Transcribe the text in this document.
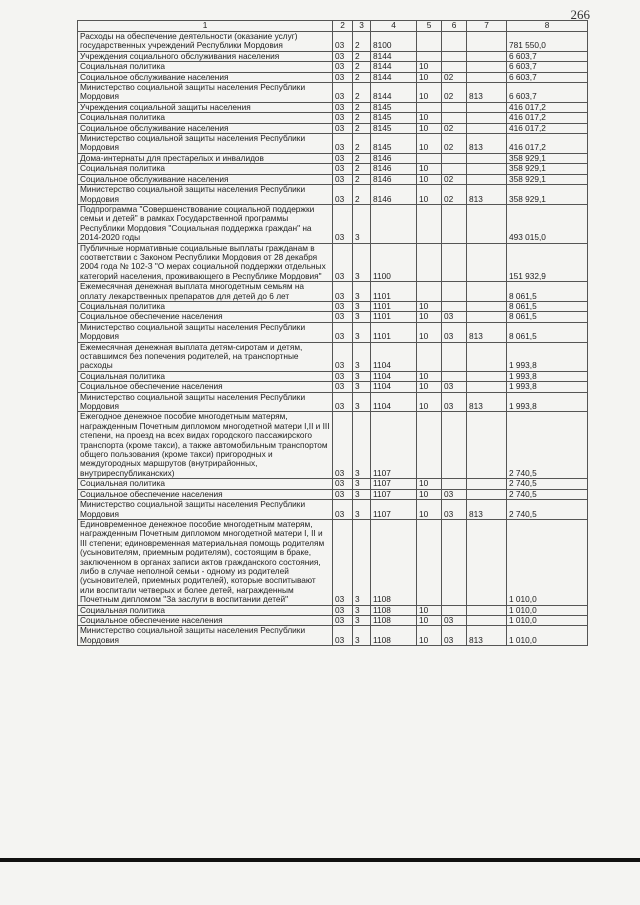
266
1	2	3	4	5	6	7	8
Расходы на обеспечение деятельности (оказание услуг) государственных учреждений Республики Мордовия	03	2	8100				781 550,0
Учреждения социального обслуживания населения	03	2	8144				6 603,7
Социальная политика	03	2	8144	10			6 603,7
Социальное обслуживание населения	03	2	8144	10	02		6 603,7
Министерство социальной защиты населения Республики Мордовия	03	2	8144	10	02	813	6 603,7
Учреждения социальной защиты населения	03	2	8145				416 017,2
Социальная политика	03	2	8145	10			416 017,2
Социальное обслуживание населения	03	2	8145	10	02		416 017,2
Министерство социальной защиты населения Республики Мордовия	03	2	8145	10	02	813	416 017,2
Дома-интернаты для престарелых и инвалидов	03	2	8146				358 929,1
Социальная политика	03	2	8146	10			358 929,1
Социальное обслуживание населения	03	2	8146	10	02		358 929,1
Министерство социальной защиты населения Республики Мордовия	03	2	8146	10	02	813	358 929,1
Подпрограмма "Совершенствование социальной поддержки семьи и детей" в рамках Государственной программы Республики Мордовия "Социальная поддержка граждан" на 2014-2020 годы	03	3					493 015,0
Публичные нормативные социальные выплаты гражданам в соответствии с Законом Республики Мордовия от 28 декабря 2004 года № 102-З "О мерах социальной поддержки отдельных категорий населения, проживающего в Республике Мордовия"	03	3	1100				151 932,9
Ежемесячная денежная выплата многодетным семьям на оплату лекарственных препаратов для детей до 6 лет	03	3	1101				8 061,5
Социальная политика	03	3	1101	10			8 061,5
Социальное обеспечение населения	03	3	1101	10	03		8 061,5
Министерство социальной защиты населения Республики Мордовия	03	3	1101	10	03	813	8 061,5
Ежемесячная денежная выплата детям-сиротам и детям, оставшимся без попечения родителей, на транспортные расходы	03	3	1104				1 993,8
Социальная политика	03	3	1104	10			1 993,8
Социальное обеспечение населения	03	3	1104	10	03		1 993,8
Министерство социальной защиты населения Республики Мордовия	03	3	1104	10	03	813	1 993,8
Ежегодное денежное пособие многодетным матерям, награжденным Почетным дипломом многодетной матери I,II и III степени, на проезд на всех видах городского пассажирского транспорта (кроме такси), а также автомобильным транспортом общего пользования (кроме такси) пригородных и междугородных маршрутов (внутрирайонных, внутриреспубликанских)	03	3	1107				2 740,5
Социальная политика	03	3	1107	10			2 740,5
Социальное обеспечение населения	03	3	1107	10	03		2 740,5
Министерство социальной защиты населения Республики Мордовия	03	3	1107	10	03	813	2 740,5
Единовременное денежное пособие многодетным матерям, награжденным Почетным дипломом многодетной матери I, II и III степени; единовременная материальная помощь родителям (усыновителям, приемным родителям), состоящим в браке, заключенном в органах записи актов гражданского состояния, либо в случае неполной семьи - одному из родителей (усыновителей, приемных родителей), которые воспитывают или воспитали четверых и более детей, награжденным Почетным дипломом "За заслуги в воспитании детей"	03	3	1108				1 010,0
Социальная политика	03	3	1108	10			1 010,0
Социальное обеспечение населения	03	3	1108	10	03		1 010,0
Министерство социальной защиты населения Республики Мордовия	03	3	1108	10	03	813	1 010,0
